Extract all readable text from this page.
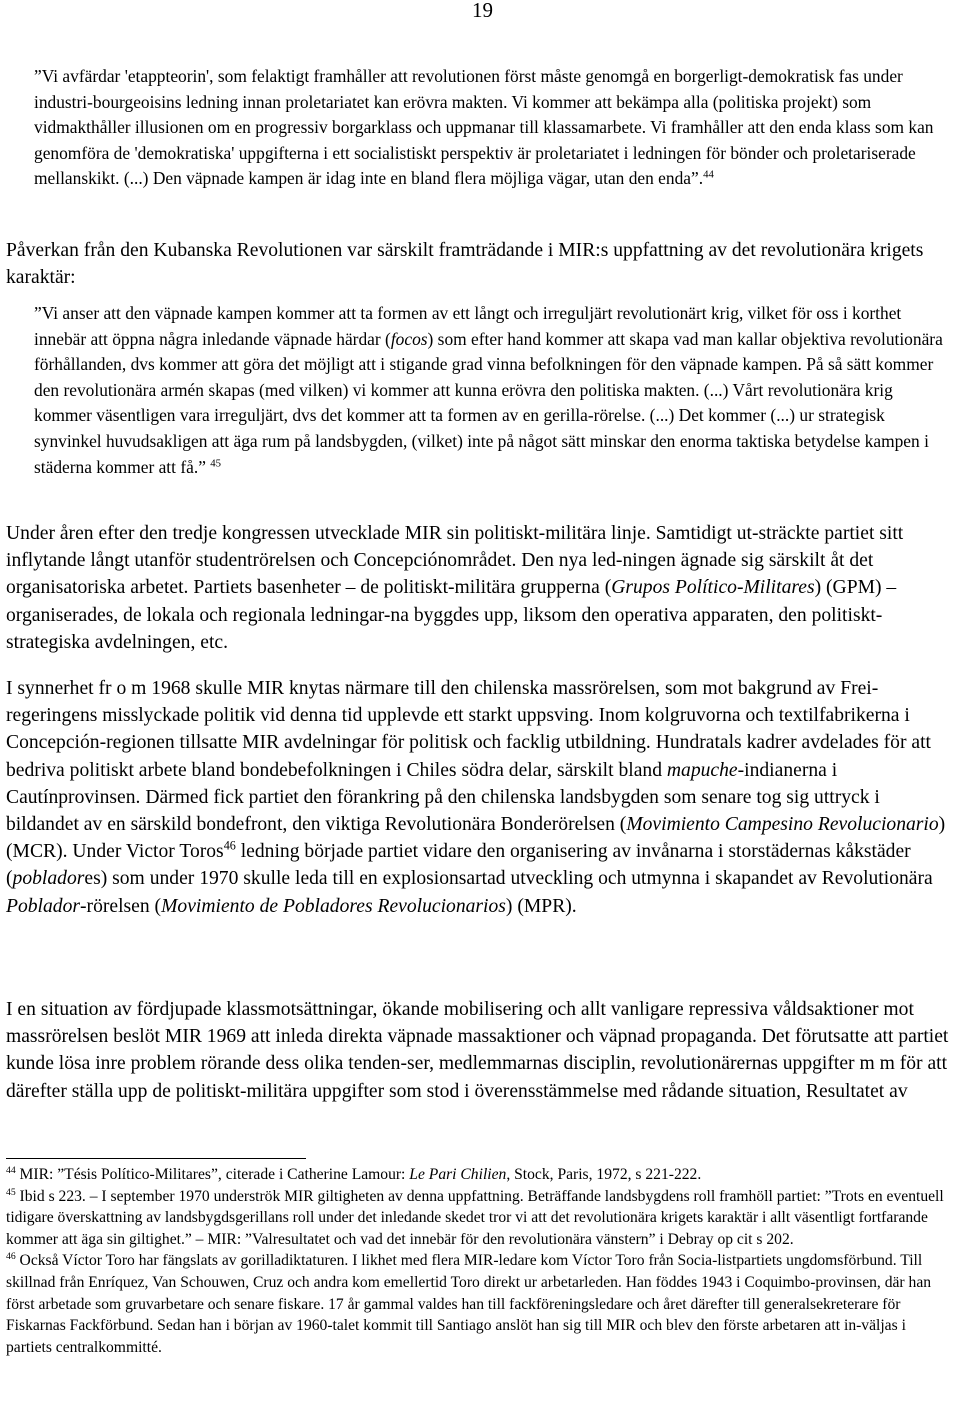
19

”Vi avfärdar 'etappteorin', som felaktigt framhåller att revolutionen först måste genomgå en borgerligt-demokratisk fas under industri-bourgeoisins ledning innan proletariatet kan erövra makten. Vi kommer att bekämpa alla (politiska projekt) som vidmakthåller illusionen om en progressiv borgarklass och uppmanar till klassamarbete. Vi framhåller att den enda klass som kan genomföra de 'demokratiska' uppgifterna i ett socialistiskt perspektiv är proletariatet i ledningen för bönder och proletariserade mellanskikt. (...) Den väpnade kampen är idag inte en bland flera möjliga vägar, utan den enda”.$^{44}$

Påverkan från den Kubanska Revolutionen var särskilt framträdande i MIR:s uppfattning av det revolutionära krigets karaktär:

”Vi anser att den väpnade kampen kommer att ta formen av ett långt och irreguljärt revolutionärt krig, vilket för oss i korthet innebär att öppna några inledande väpnade härdar (focos) som efter hand kommer att skapa vad man kallar objektiva revolutionära förhållanden, dvs kommer att göra det möjligt att i stigande grad vinna befolkningen för den väpnade kampen. På så sätt kommer den revolutionära armén skapas (med vilken) vi kommer att kunna erövra den politiska makten. (...) Vårt revolutionära krig kommer väsentligen vara irreguljärt, dvs det kommer att ta formen av en gerilla-rörelse. (...) Det kommer (...) ur strategisk synvinkel huvudsakligen att äga rum på landsbygden, (vilket) inte på något sätt minskar den enorma taktiska betydelse kampen i städerna kommer att få.” $^{45}$

Under åren efter den tredje kongressen utvecklade MIR sin politiskt-militära linje. Samtidigt ut-sträckte partiet sitt inflytande långt utanför studentrörelsen och Concepciónområdet. Den nya led-ningen ägnade sig särskilt åt det organisatoriska arbetet. Partiets basenheter – de politiskt-militära grupperna (Grupos Político-Militares) (GPM) – organiserades, de lokala och regionala ledningar-na byggdes upp, liksom den operativa apparaten, den politiskt-strategiska avdelningen, etc.

I synnerhet fr o m 1968 skulle MIR knytas närmare till den chilenska massrörelsen, som mot bakgrund av Frei-regeringens misslyckade politik vid denna tid upplevde ett starkt uppsving. Inom kolgruvorna och textilfabrikerna i Concepción-regionen tillsatte MIR avdelningar för politisk och facklig utbildning. Hundratals kadrer avdelades för att bedriva politiskt arbete bland bondebefolkningen i Chiles södra delar, särskilt bland mapuche-indianerna i Cautínprovinsen. Därmed fick partiet den förankring på den chilenska landsbygden som senare tog sig uttryck i bildandet av en särskild bondefront, den viktiga Revolutionära Bonderörelsen (Movimiento Campesino Revolucionario) (MCR). Under Victor Toros$^{46}$ ledning började partiet vidare den organisering av invånarna i storstädernas kåkstäder (pobladores) som under 1970 skulle leda till en explosionsartad utveckling och utmynna i skapandet av Revolutionära Poblador-rörelsen (Movimiento de Pobladores Revolucionarios) (MPR).

I en situation av fördjupade klassmotsättningar, ökande mobilisering och allt vanligare repressiva våldsaktioner mot massrörelsen beslöt MIR 1969 att inleda direkta väpnade massaktioner och väpnad propaganda. Det förutsatte att partiet kunde lösa inre problem rörande dess olika tenden-ser, medlemmarnas disciplin, revolutionärernas uppgifter m m för att därefter ställa upp de politiskt-militära uppgifter som stod i överensstämmelse med rådande situation, Resultatet av

$^{44}$ MIR: ”Tésis Político-Militares”, citerade i Catherine Lamour: Le Pari Chilien, Stock, Paris, 1972, s 221-222.

$^{45}$ Ibid s 223. – I september 1970 underströk MIR giltigheten av denna uppfattning. Beträffande landsbygdens roll framhöll partiet: ”Trots en eventuell tidigare överskattning av landsbygdsgerillans roll under det inledande skedet tror vi att det revolutionära krigets karaktär i allt väsentligt fortfarande kommer att äga sin giltighet.” – MIR: ”Valresultatet och vad det innebär för den revolutionära vänstern” i Debray op cit s 202.

$^{46}$ Också Víctor Toro har fängslats av gorilladiktaturen. I likhet med flera MIR-ledare kom Víctor Toro från Socia-listpartiets ungdomsförbund. Till skillnad från Enríquez, Van Schouwen, Cruz och andra kom emellertid Toro direkt ur arbetarleden. Han föddes 1943 i Coquimbo-provinsen, där han först arbetade som gruvarbetare och senare fiskare. 17 år gammal valdes han till fackföreningsledare och året därefter till generalsekreterare för Fiskarnas Fackförbund. Sedan han i början av 1960-talet kommit till Santiago anslöt han sig till MIR och blev den förste arbetaren att in-väljas i partiets centralkommitté.
